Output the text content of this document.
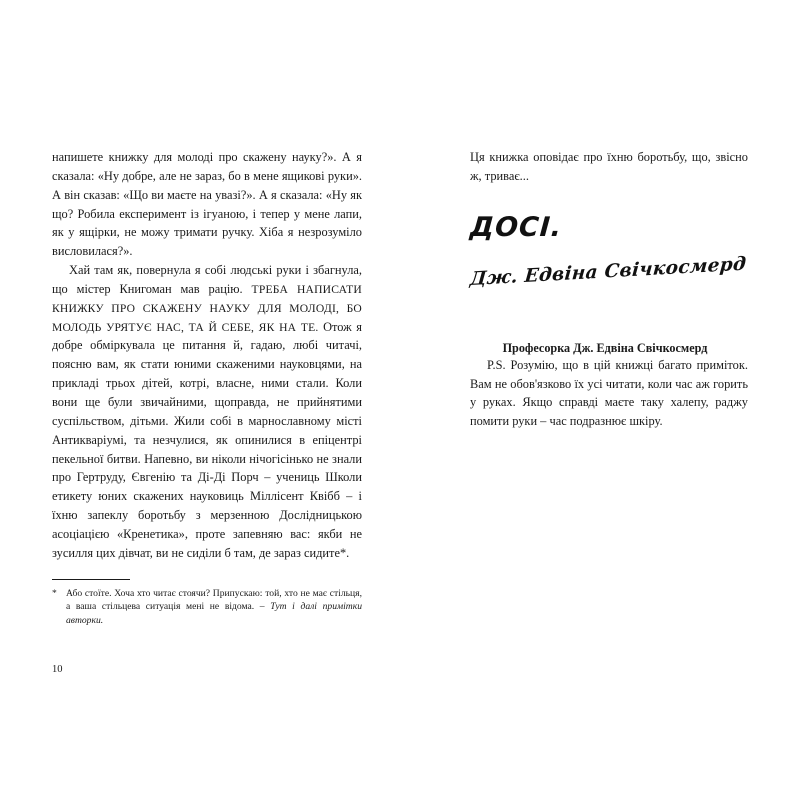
напишете книжку для молоді про скажену науку?». А я сказала: «Ну добре, але не зараз, бо в мене ящикові руки». А він сказав: «Що ви маєте на увазі?». А я сказала: «Ну як що? Робила експеримент із ігуаною, і тепер у мене лапи, як у ящірки, не можу тримати ручку. Хіба я незрозуміло висловилася?».

Хай там як, повернула я собі людські руки і збагнула, що містер Книгоман мав рацію. ТРЕБА НАПИСАТИ КНИЖКУ ПРО СКАЖЕНУ НАУКУ ДЛЯ МОЛОДІ, БО МОЛОДЬ УРЯТУЄ НАС, ТА Й СЕБЕ, ЯК НА ТЕ. Отож я добре обміркувала це питання й, гадаю, любі читачі, поясню вам, як стати юними скаженими науковцями, на прикладі трьох дітей, котрі, власне, ними стали. Коли вони ще були звичайними, щоправда, не прийнятими суспільством, дітьми. Жили собі в марнославному місті Антикваріумі, та незчулися, як опинилися в епіцентрі пекельної битви. Напевно, ви ніколи нічогісінько не знали про Гертруду, Євгенію та Ді-Ді Порч – учениць Школи етикету юних скажених науковиць Міллісент Квібб – і їхню запеклу боротьбу з мерзенною Дослідницькою асоціацією «Кренетика», проте запевняю вас: якби не зусилля цих дівчат, ви не сиділи б там, де зараз сидите*.

* Або стоїте. Хоча хто читає стоячи? Припускаю: той, хто не має стільця, а ваша стільцева ситуація мені не відома. – Тут і далі примітки авторки.
10

Ця книжка оповідає про їхню боротьбу, що, звісно ж, триває...

ДОСІ.
Дж. Едвіна Свічкосмерд
Професорка Дж. Едвіна Свічкосмерд

P.S. Розумію, що в цій книжці багато приміток. Вам не обов'язково їх усі читати, коли час аж горить у руках. Якщо справді маєте таку халепу, раджу помити руки – час подразнює шкіру.
